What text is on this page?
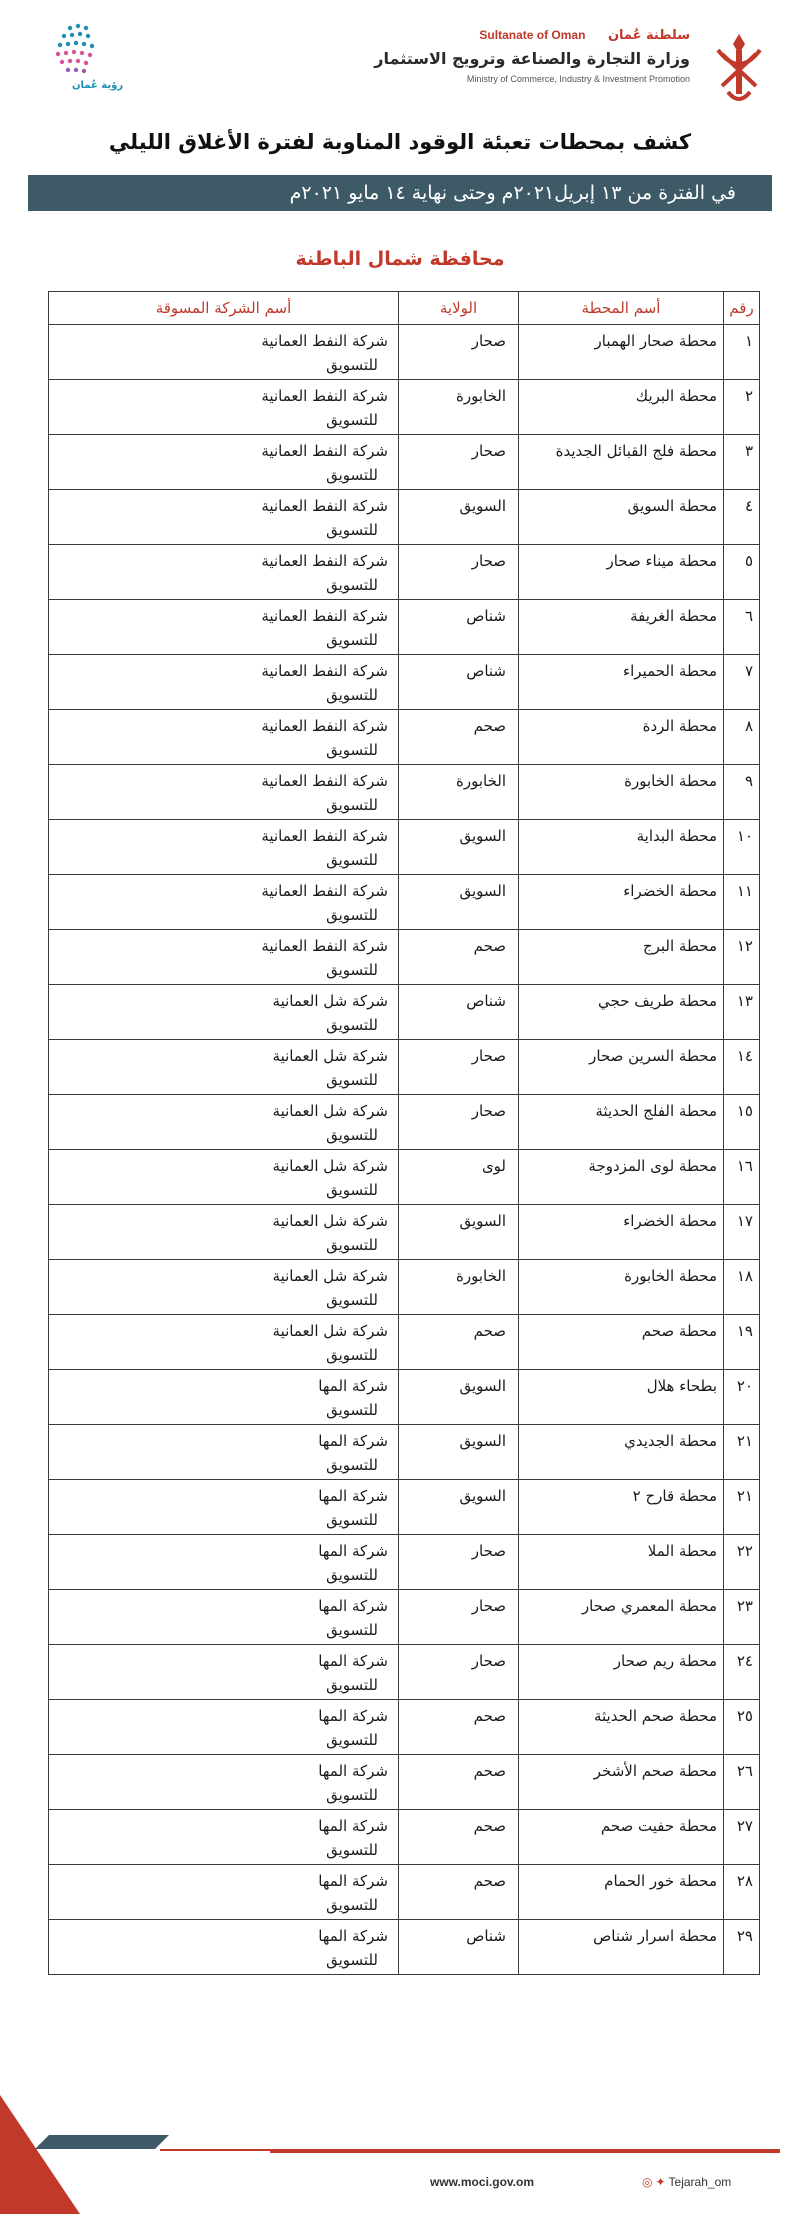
سلطنة عُمان Sultanate of Oman
وزارة التجارة والصناعة وترويج الاستثمار
Ministry of Commerce, Industry & Investment Promotion
رؤية عُمان
كشف بمحطات تعبئة الوقود المناوبة لفترة الأغلاق الليلي
في الفترة من ١٣ إبريل٢٠٢١م وحتى نهاية ١٤ مايو ٢٠٢١م
محافظة شمال الباطنة
رقم	أسم المحطة	الولاية	أسم الشركة المسوقة
١	محطة صحار الهمبار	صحار	شركة النفط العمانية
للتسويق

٢	محطة البريك	الخابورة	شركة النفط العمانية
للتسويق

٣	محطة فلج القبائل الجديدة	صحار	شركة النفط العمانية
للتسويق

٤	محطة السويق	السويق	شركة النفط العمانية
للتسويق

٥	محطة ميناء صحار	صحار	شركة النفط العمانية
للتسويق

٦	محطة الغريفة	شناص	شركة النفط العمانية
للتسويق

٧	محطة الحميراء	شناص	شركة النفط العمانية
للتسويق

٨	محطة الردة	صحم	شركة النفط العمانية
للتسويق

٩	محطة الخابورة	الخابورة	شركة النفط العمانية
للتسويق

١٠	محطة البداية	السويق	شركة النفط العمانية
للتسويق

١١	محطة الخضراء	السويق	شركة النفط العمانية
للتسويق

١٢	محطة البرج	صحم	شركة النفط العمانية
للتسويق

١٣	محطة طريف حجي	شناص	شركة شل العمانية
للتسويق

١٤	محطة السرين صحار	صحار	شركة شل العمانية
للتسويق

١٥	محطة الفلج الحديثة	صحار	شركة شل العمانية
للتسويق

١٦	محطة لوى المزدوجة	لوى	شركة شل العمانية
للتسويق

١٧	محطة الخضراء	السويق	شركة شل العمانية
للتسويق

١٨	محطة الخابورة	الخابورة	شركة شل العمانية
للتسويق

١٩	محطة صحم	صحم	شركة شل العمانية
للتسويق

٢٠	بطحاء هلال	السويق	شركة المها
للتسويق

٢١	محطة الجديدي	السويق	شركة المها
للتسويق

٢١	محطة قارح ٢	السويق	شركة المها
للتسويق

٢٢	محطة الملا	صحار	شركة المها
للتسويق

٢٣	محطة المعمري صحار	صحار	شركة المها
للتسويق

٢٤	محطة ريم صحار	صحار	شركة المها
للتسويق

٢٥	محطة صحم الحديثة	صحم	شركة المها
للتسويق

٢٦	محطة صحم الأشخر	صحم	شركة المها
للتسويق

٢٧	محطة حفيت صحم	صحم	شركة المها
للتسويق

٢٨	محطة خور الحمام	صحم	شركة المها
للتسويق

٢٩	محطة اسرار شناص	شناص	شركة المها
للتسويق
www.moci.gov.om	◎ ✦ Tejarah_om
